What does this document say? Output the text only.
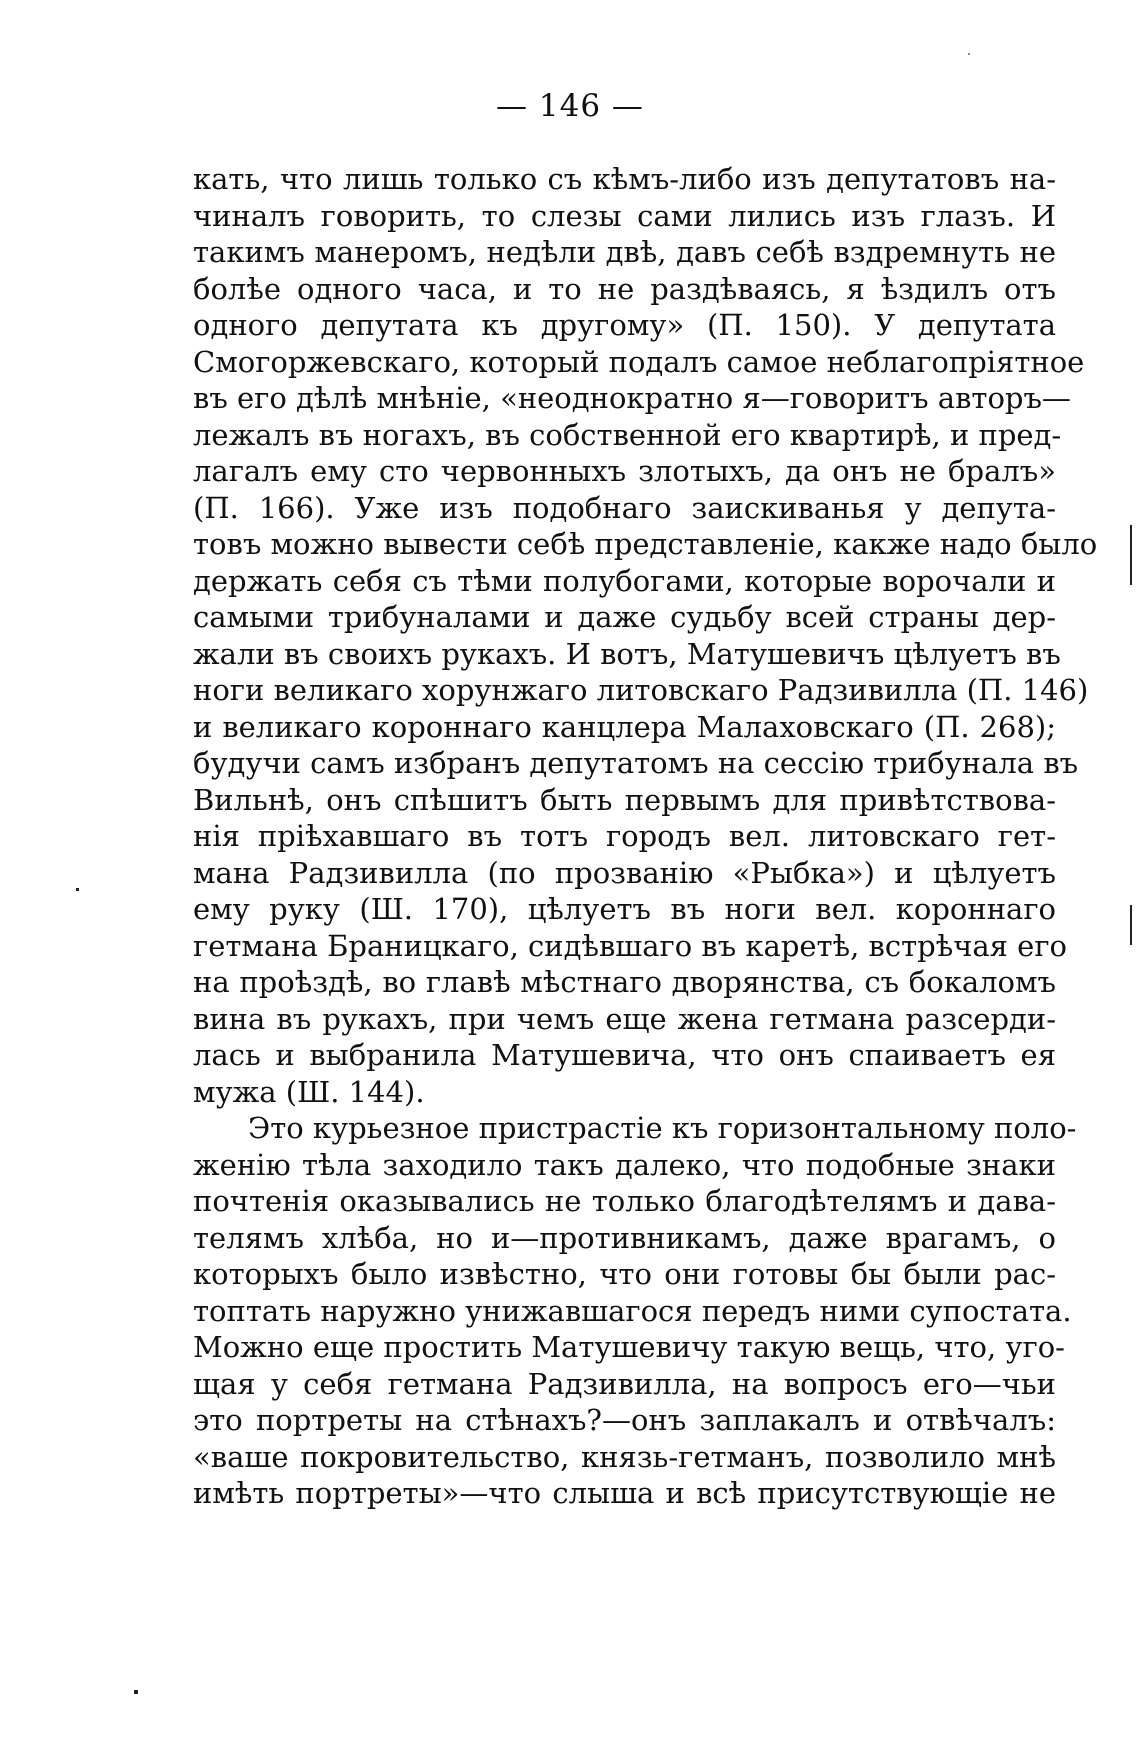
— 146 —
кать, что лишь только съ кѣмъ-либо изъ депутатовъ на-
чиналъ говорить, то слезы сами лились изъ глазъ. И
такимъ манеромъ, недѣли двѣ, давъ себѣ вздремнуть не
болѣе одного часа, и то не раздѣваясь, я ѣздилъ отъ
одного депутата къ другому» (П. 150). У депутата
Смогоржевскаго, который подалъ самое неблагопріятное
въ его дѣлѣ мнѣніе, «неоднократно я—говоритъ авторъ—
лежалъ въ ногахъ, въ собственной его квартирѣ, и пред-
лагалъ ему сто червонныхъ злотыхъ, да онъ не бралъ»
(П. 166). Уже изъ подобнаго заискиванья у депута-
товъ можно вывести себѣ представленіе, какже надо было
держать себя съ тѣми полубогами, которые ворочали и
самыми трибуналами и даже судьбу всей страны дер-
жали въ своихъ рукахъ. И вотъ, Матушевичъ цѣлуетъ въ
ноги великаго хорунжаго литовскаго Радзивилла (П. 146)
и великаго короннаго канцлера Малаховскаго (П. 268);
будучи самъ избранъ депутатомъ на сессію трибунала въ
Вильнѣ, онъ спѣшитъ быть первымъ для привѣтствова-
нія пріѣхавшаго въ тотъ городъ вел. литовскаго гет-
мана Радзивилла (по прозванію «Рыбка») и цѣлуетъ
ему руку (Ш. 170), цѣлуетъ въ ноги вел. короннаго
гетмана Браницкаго, сидѣвшаго въ каретѣ, встрѣчая его
на проѣздѣ, во главѣ мѣстнаго дворянства, съ бокаломъ
вина въ рукахъ, при чемъ еще жена гетмана разсерди-
лась и выбранила Матушевича, что онъ спаиваетъ ея
мужа (Ш. 144).
Это курьезное пристрастіе къ горизонтальному поло-
женію тѣла заходило такъ далеко, что подобные знаки
почтенія оказывались не только благодѣтелямъ и дава-
телямъ хлѣба, но и—противникамъ, даже врагамъ, о
которыхъ было извѣстно, что они готовы бы были рас-
топтать наружно унижавшагося передъ ними супостата.
Можно еще простить Матушевичу такую вещь, что, уго-
щая у себя гетмана Радзивилла, на вопросъ его—чьи
это портреты на стѣнахъ?—онъ заплакалъ и отвѣчалъ:
«ваше покровительство, князь-гетманъ, позволило мнѣ
имѣть портреты»—что слыша и всѣ присутствующіе не
